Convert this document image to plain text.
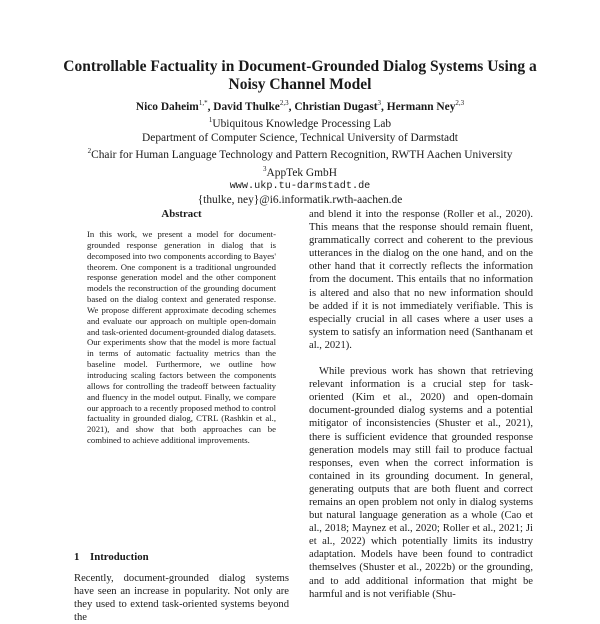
Controllable Factuality in Document-Grounded Dialog Systems Using a Noisy Channel Model
Nico Daheim$^{1,*}$, David Thulke$^{2,3}$, Christian Dugast$^3$, Hermann Ney$^{2,3}$
$^1$Ubiquitous Knowledge Processing Lab
Department of Computer Science, Technical University of Darmstadt
$^2$Chair for Human Language Technology and Pattern Recognition, RWTH Aachen University
$^3$AppTek GmbH
www.ukp.tu-darmstadt.de
{thulke, ney}@i6.informatik.rwth-aachen.de
Abstract

In this work, we present a model for document-grounded response generation in dialog that is decomposed into two components according to Bayes' theorem. One component is a traditional ungrounded response generation model and the other component models the reconstruction of the grounding document based on the dialog context and generated response. We propose different approximate decoding schemes and evaluate our approach on multiple open-domain and task-oriented document-grounded dialog datasets. Our experiments show that the model is more factual in terms of automatic factuality metrics than the baseline model. Furthermore, we outline how introducing scaling factors between the components allows for controlling the tradeoff between factuality and fluency in the model output. Finally, we compare our approach to a recently proposed method to control factuality in grounded dialog, CTRL (Rashkin et al., 2021), and show that both approaches can be combined to achieve additional improvements.

1 Introduction

Recently, document-grounded dialog systems have seen an increase in popularity. Not only are they used to extend task-oriented systems beyond the

and blend it into the response (Roller et al., 2020). This means that the response should remain fluent, grammatically correct and coherent to the previous utterances in the dialog on the one hand, and on the other hand that it correctly reflects the information from the document. This entails that no information is altered and also that no new information should be added if it is not immediately verifiable. This is especially crucial in all cases where a user uses a system to satisfy an information need (Santhanam et al., 2021).

While previous work has shown that retrieving relevant information is a crucial step for task-oriented (Kim et al., 2020) and open-domain document-grounded dialog systems and a potential mitigator of inconsistencies (Shuster et al., 2021), there is sufficient evidence that grounded response generation models may still fail to produce factual responses, even when the correct information is contained in its grounding document. In general, generating outputs that are both fluent and correct remains an open problem not only in dialog systems but natural language generation as a whole (Cao et al., 2018; Maynez et al., 2020; Roller et al., 2021; Ji et al., 2022) which potentially limits its industry adaptation. Models have been found to contradict themselves (Shuster et al., 2022b) or the grounding, and to add additional information that might be harmful and is not verifiable (Shu-
